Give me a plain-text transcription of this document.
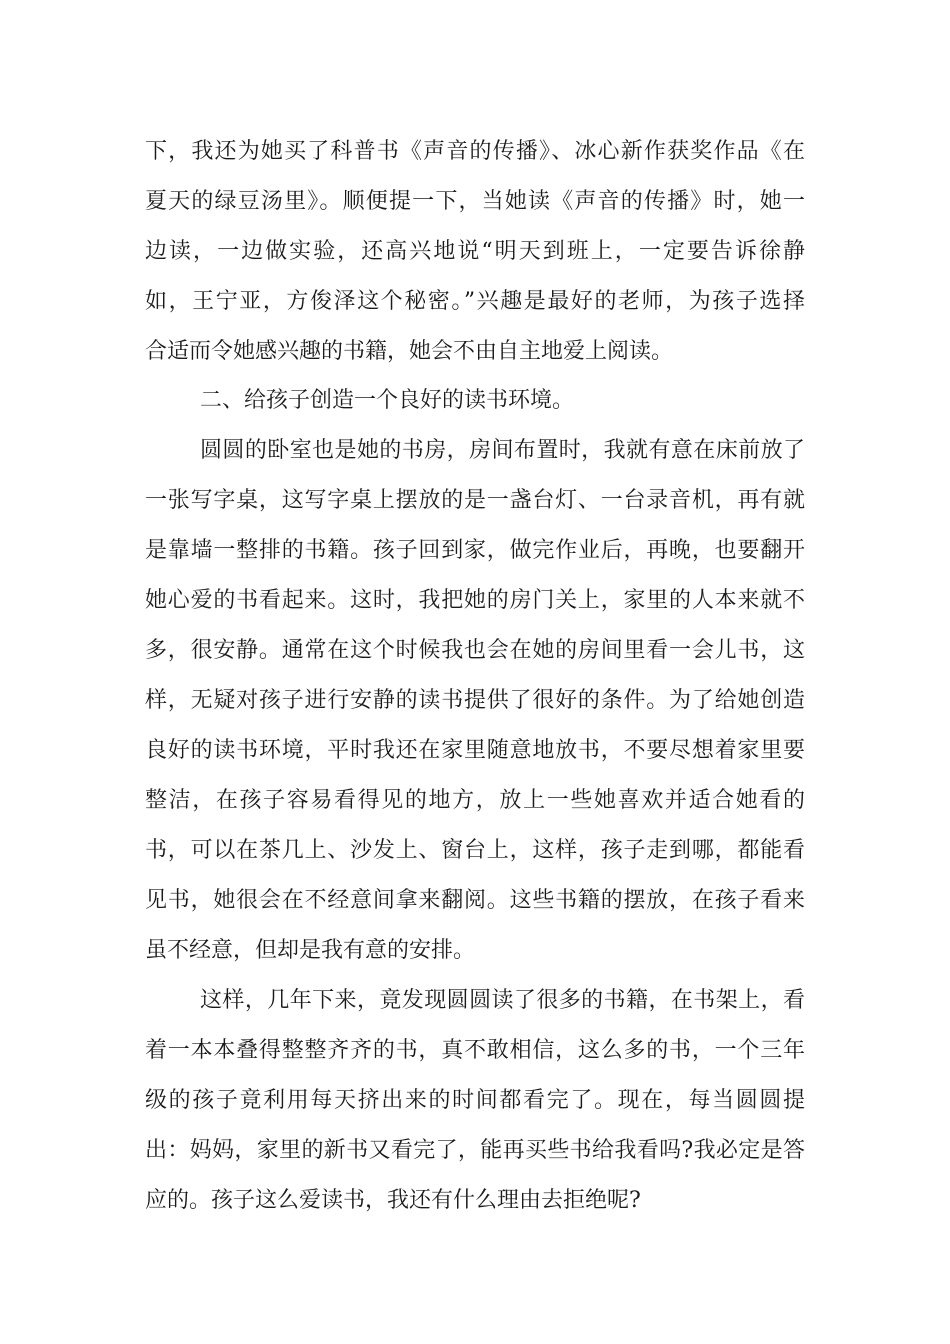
下，我还为她买了科普书《声音的传播》、冰心新作获奖作品《在
夏天的绿豆汤里》。顺便提一下，当她读《声音的传播》时，她一
边读，一边做实验，还高兴地说“明天到班上，一定要告诉徐静
如，王宁亚，方俊泽这个秘密。”兴趣是最好的老师，为孩子选择
合适而令她感兴趣的书籍，她会不由自主地爱上阅读。
二、给孩子创造一个良好的读书环境。
圆圆的卧室也是她的书房，房间布置时，我就有意在床前放了
一张写字桌，这写字桌上摆放的是一盏台灯、一台录音机，再有就
是靠墙一整排的书籍。孩子回到家，做完作业后，再晚，也要翻开
她心爱的书看起来。这时，我把她的房门关上，家里的人本来就不
多，很安静。通常在这个时候我也会在她的房间里看一会儿书，这
样，无疑对孩子进行安静的读书提供了很好的条件。为了给她创造
良好的读书环境，平时我还在家里随意地放书，不要尽想着家里要
整洁，在孩子容易看得见的地方，放上一些她喜欢并适合她看的
书，可以在茶几上、沙发上、窗台上，这样，孩子走到哪，都能看
见书，她很会在不经意间拿来翻阅。这些书籍的摆放，在孩子看来
虽不经意，但却是我有意的安排。
这样，几年下来，竟发现圆圆读了很多的书籍，在书架上，看
着一本本叠得整整齐齐的书，真不敢相信，这么多的书，一个三年
级的孩子竟利用每天挤出来的时间都看完了。现在，每当圆圆提
出：妈妈，家里的新书又看完了，能再买些书给我看吗?我必定是答
应的。孩子这么爱读书，我还有什么理由去拒绝呢?
